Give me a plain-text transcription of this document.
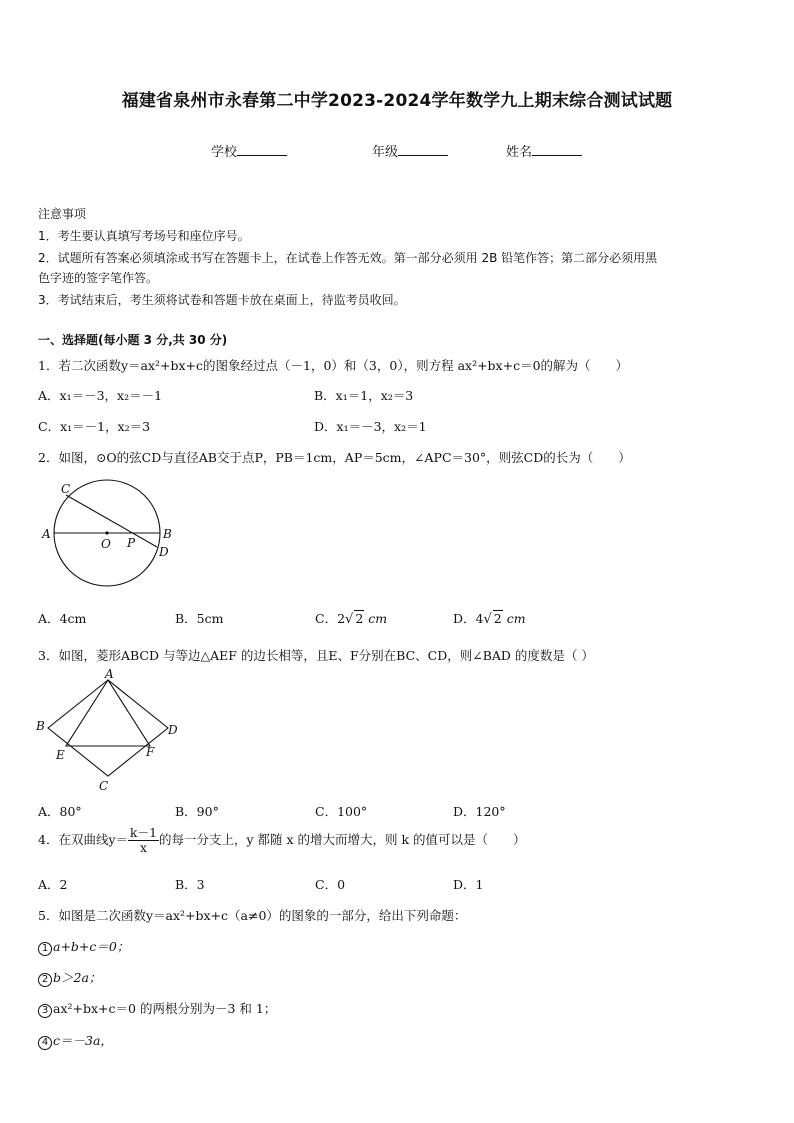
福建省泉州市永春第二中学2023-2024学年数学九上期末综合测试试题
学校	年级	姓名
注意事项
1．考生要认真填写考场号和座位序号。
2．试题所有答案必须填涂或书写在答题卡上，在试卷上作答无效。第一部分必须用 2B 铅笔作答；第二部分必须用黑
色字迹的签字笔作答。
3．考试结束后，考生须将试卷和答题卡放在桌面上，待监考员收回。
一、选择题(每小题 3 分,共 30 分)
1．若二次函数y＝ax²+bx+c的图象经过点（－1，0）和（3，0），则方程 ax²+bx+c＝0的解为（　　）
A．x₁＝－3，x₂＝－1	B．x₁＝1，x₂＝3
C．x₁＝－1，x₂＝3	D．x₁＝－3，x₂＝1
2．如图，⊙O的弦CD与直径AB交于点P，PB＝1cm，AP＝5cm，∠APC＝30°，则弦CD的长为（　　）
C
A
O P
B
D
A．4cm	B．5cm	C．2√ 2 cm	D．4√ 2 cm
3．如图，菱形ABCD 与等边△AEF 的边长相等，且E、F分别在BC、CD，则∠BAD 的度数是（ ）
A
B	D
E	F
C
A．80°	B．90°	C．100°	D．120°
4．在双曲线$y= \frac{k-1}{x}$ 的每一分支上，y 都随 x 的增大而增大，则 k 的值可以是（　　）
A．2	B．3	C．0	D．1
5．如图是二次函数y＝ax²+bx+c（a≠0）的图象的一部分，给出下列命题：
1 a+b+c＝0；
2 b＞2a；
3 ax²+bx+c＝0 的两根分别为－3 和 1；
4 c＝－3a，
